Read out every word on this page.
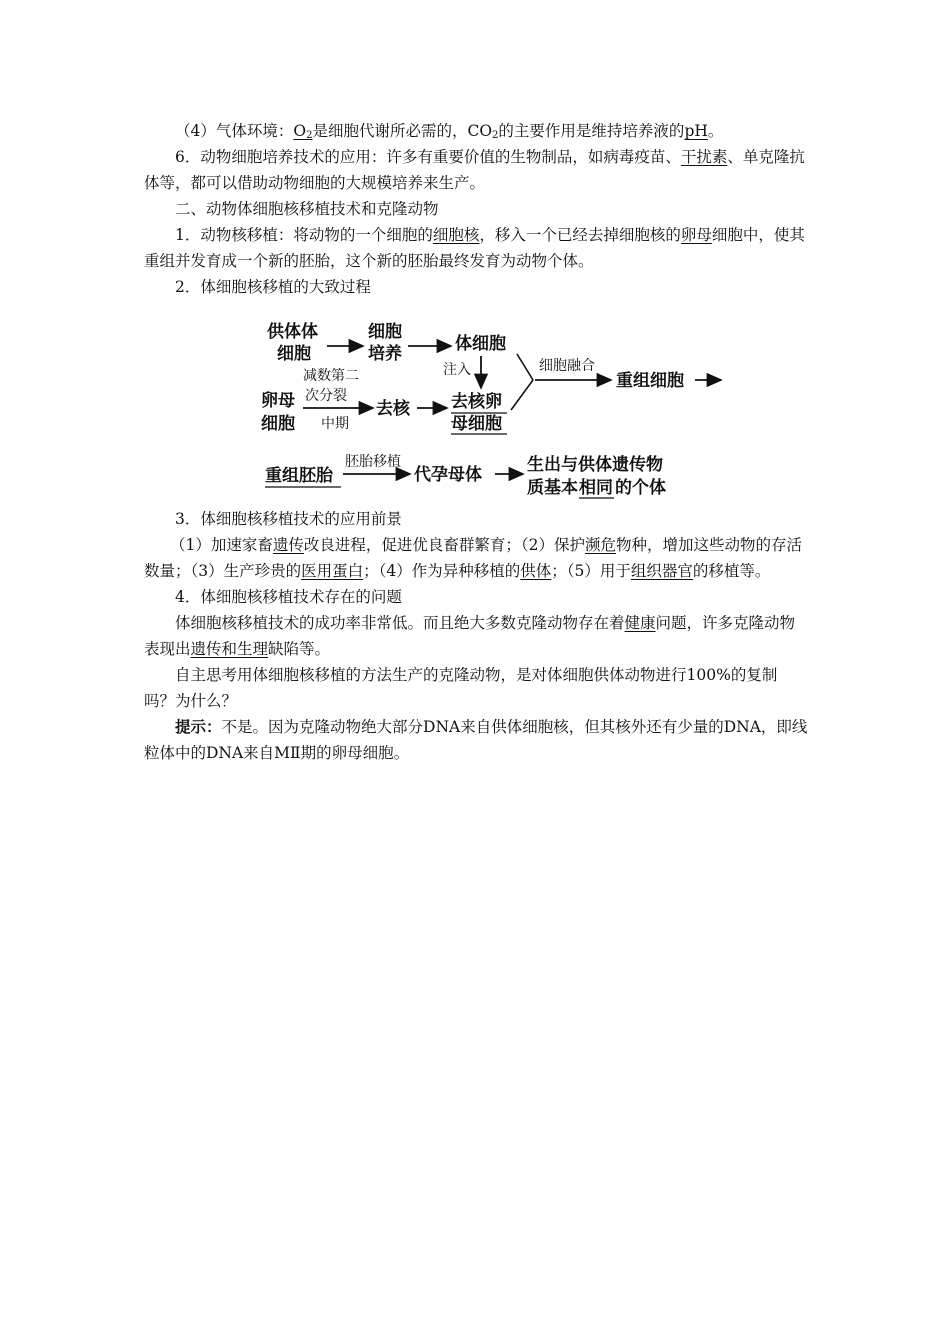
（4）气体环境：$O_2$是细胞代谢所必需的，$CO_2$的主要作用是维持培养液的pH。

6．动物细胞培养技术的应用：许多有重要价值的生物制品，如病毒疫苗、干扰素、单克隆抗体等，都可以借助动物细胞的大规模培养来生产。

二、动物体细胞核移植技术和克隆动物

1．动物核移植：将动物的一个细胞的细胞核，移入一个已经去掉细胞核的卵母细胞中，使其重组并发育成一个新的胚胎，这个新的胚胎最终发育为动物个体。

2．体细胞核移植的大致过程

供体体
细胞
细胞
培养	体细胞
注入	细胞融合
重组细胞
减数第二
次分裂
卵母
细胞 中期
去核 去核卵
母细胞
重组胚胎
胚胎移植
代孕母体	生出与供体遗传物
质基本 相同 的个体

3．体细胞核移植技术的应用前景

（1）加速家畜遗传改良进程，促进优良畜群繁育；（2）保护濒危物种，增加这些动物的存活数量；（3）生产珍贵的医用蛋白；（4）作为异种移植的供体；（5）用于组织器官的移植等。

4．体细胞核移植技术存在的问题

体细胞核移植技术的成功率非常低。而且绝大多数克隆动物存在着健康问题，许多克隆动物表现出遗传和生理缺陷等。

自主思考用体细胞核移植的方法生产的克隆动物，是对体细胞供体动物进行100%的复制吗？为什么？

提示：不是。因为克隆动物绝大部分DNA来自供体细胞核，但其核外还有少量的DNA，即线粒体中的DNA来自MⅡ期的卵母细胞。
